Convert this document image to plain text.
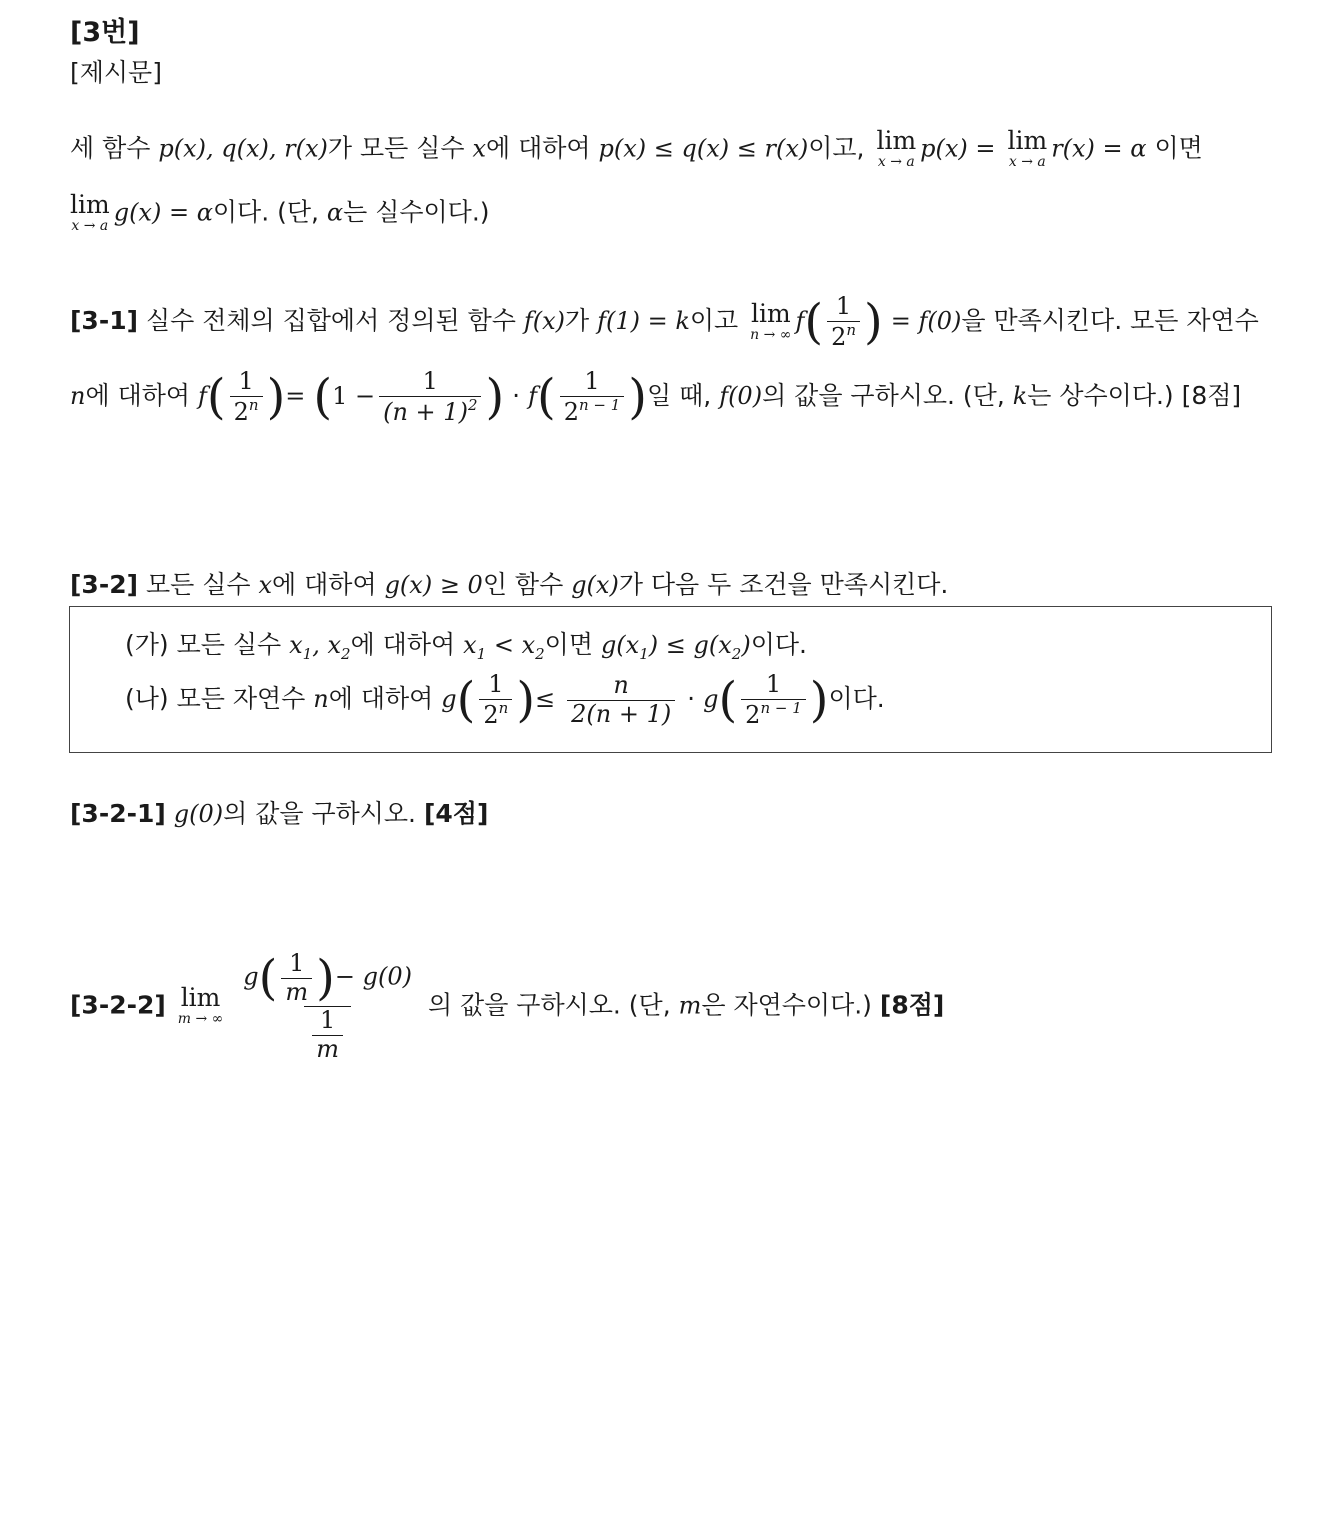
[3번]
[제시문]
세 함수 p(x), q(x), r(x)가 모든 실수 x에 대하여 p(x) ≤ q(x) ≤ r(x)이고, lim
x → a p(x) = lim
x → a r(x) = α 이면
lim
x → a g(x) = α이다. (단, α는 실수이다.)
[3-1] 실수 전체의 집합에서 정의된 함수 f(x)가 f(1) = k이고 lim
n → ∞ $f( \frac{1}{2^n}$ ) = f(0)을 만족시킨다. 모든 자연수
n에 대하여 $f( \frac{1}{2^n}$ )= ($1 - \frac{1}{(n + 1)^2}$ ) · $f( \frac{1}{2^{n - 1}}$ )일 때, f(0)의 값을 구하시오. (단, k는 상수이다.) [8점]
[3-2] 모든 실수 x에 대하여 g(x) ≥ 0인 함수 g(x)가 다음 두 조건을 만족시킨다.
(가) 모든 실수 $x_1$, $x_2$에 대하여 $x_1 < x_2$이면 $g(x_1) \le g(x_2)$이다.
(나) 모든 자연수 n에 대하여 $g( \frac{1}{2^n}$ )≤ $\frac{n}{2(n + 1)} \cdot g( \frac{1}{2^{n - 1}}$ )이다.
[3-2-1] g(0)의 값을 구하시오. [4점]
[3-2-2] lim
m → ∞
$\frac{g( \frac{1}{m} )- g(0)}{\frac{1}{m}}$ 의 값을 구하시오. (단, m은 자연수이다.) [8점]
